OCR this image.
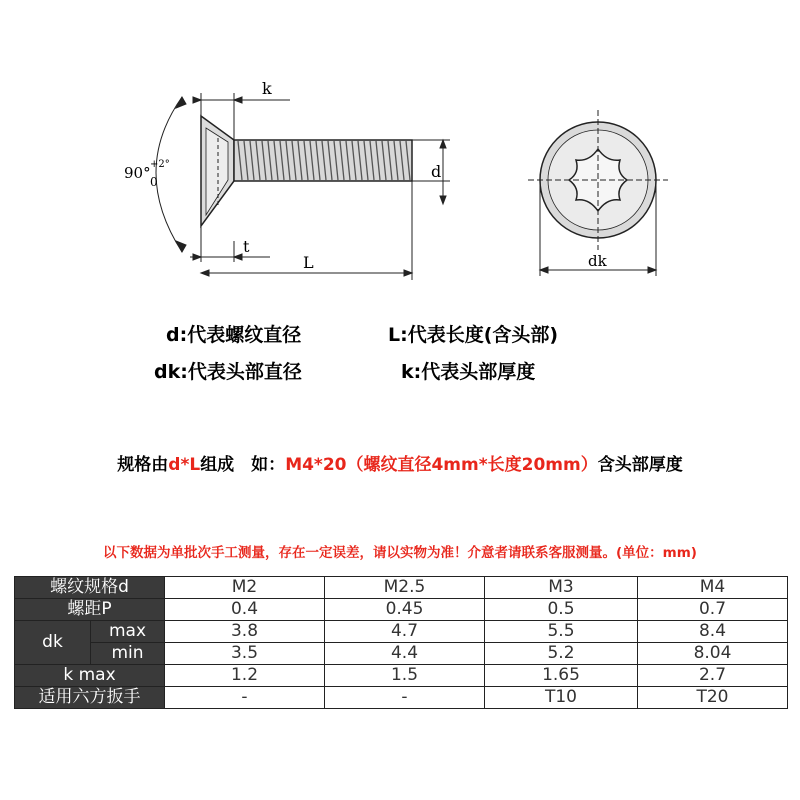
k
d
t
L
90° +2°
0
dk
d:代表螺纹直径	L:代表长度(含头部)
dk:代表头部直径	k:代表头部厚度
规格由d*L组成　如：M4*20（螺纹直径4mm*长度20mm）含头部厚度
以下数据为单批次手工测量，存在一定误差，请以实物为准！介意者请联系客服测量。(单位：mm)
螺纹规格d		M2	M2.5	M3	M4
螺距P		0.4	0.45	0.5	0.7
dk	max	3.8	4.7	5.5	8.4
	min	3.5	4.4	5.2	8.04
k max		1.2	1.5	1.65	2.7
适用六方扳手		-	-	T10	T20
